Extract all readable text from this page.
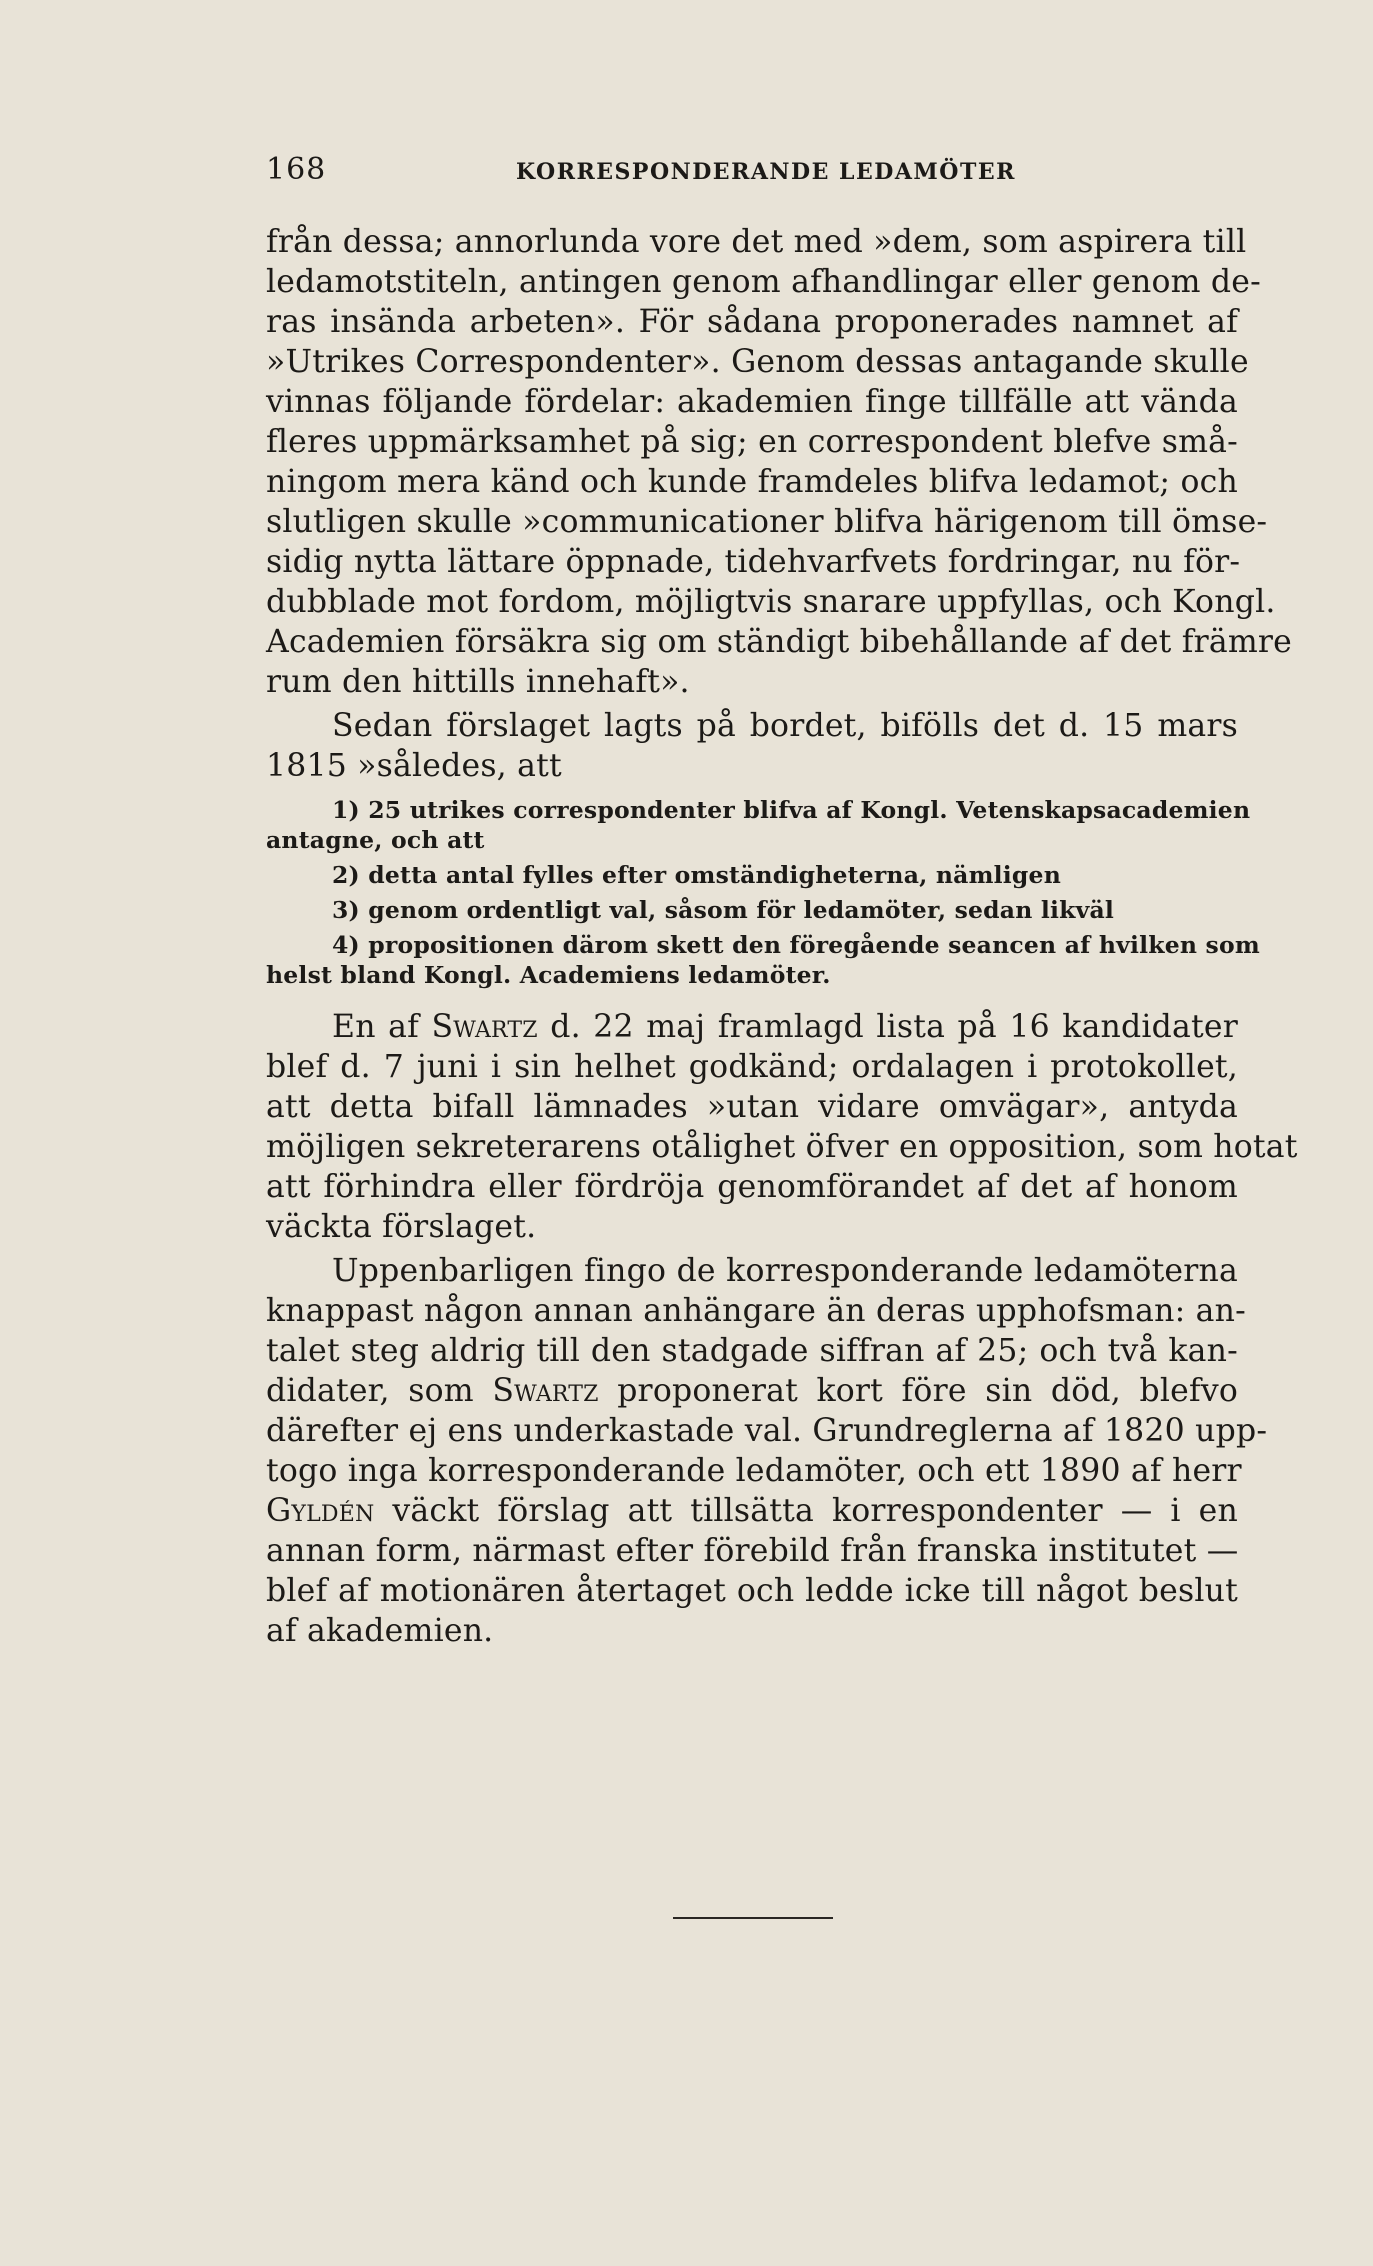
168	KORRESPONDERANDE LEDAMÖTER
från dessa; annorlunda vore det med »dem, som aspirera till
ledamotstiteln, antingen genom afhandlingar eller genom de-
ras insända arbeten». För sådana proponerades namnet af
»Utrikes Correspondenter». Genom dessas antagande skulle
vinnas följande fördelar: akademien finge tillfälle att vända
fleres uppmärksamhet på sig; en correspondent blefve små-
ningom mera känd och kunde framdeles blifva ledamot; och
slutligen skulle »communicationer blifva härigenom till ömse-
sidig nytta lättare öppnade, tidehvarfvets fordringar, nu för-
dubblade mot fordom, möjligtvis snarare uppfyllas, och Kongl.
Academien försäkra sig om ständigt bibehållande af det främre
rum den hittills innehaft».
Sedan förslaget lagts på bordet, bifölls det d. 15 mars
1815 »således, att
1) 25 utrikes correspondenter blifva af Kongl. Vetenskapsacademien
antagne, och att
2) detta antal fylles efter omständigheterna, nämligen
3) genom ordentligt val, såsom för ledamöter, sedan likväl
4) propositionen därom skett den föregående seancen af hvilken som
helst bland Kongl. Academiens ledamöter.
En af Swartz d. 22 maj framlagd lista på 16 kandidater
blef d. 7 juni i sin helhet godkänd; ordalagen i protokollet,
att detta bifall lämnades »utan vidare omvägar», antyda
möjligen sekreterarens otålighet öfver en opposition, som hotat
att förhindra eller fördröja genomförandet af det af honom
väckta förslaget.
Uppenbarligen fingo de korresponderande ledamöterna
knappast någon annan anhängare än deras upphofsman: an-
talet steg aldrig till den stadgade siffran af 25; och två kan-
didater, som Swartz proponerat kort före sin död, blefvo
därefter ej ens underkastade val. Grundreglerna af 1820 upp-
togo inga korresponderande ledamöter, och ett 1890 af herr
Gyldén väckt förslag att tillsätta korrespondenter — i en
annan form, närmast efter förebild från franska institutet —
blef af motionären återtaget och ledde icke till något beslut
af akademien.
